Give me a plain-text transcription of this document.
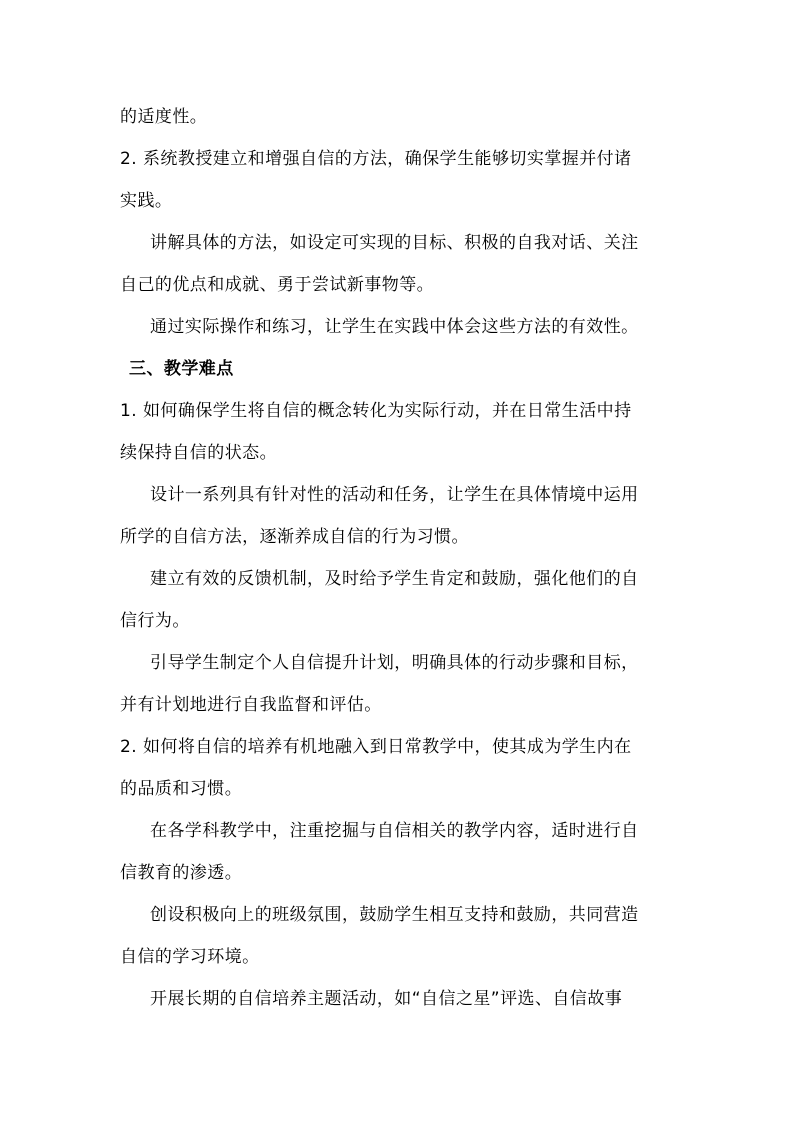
的适度性。
2. 系统教授建立和增强自信的方法，确保学生能够切实掌握并付诸
实践。
讲解具体的方法，如设定可实现的目标、积极的自我对话、关注
自己的优点和成就、勇于尝试新事物等。
通过实际操作和练习，让学生在实践中体会这些方法的有效性。
三、教学难点
1. 如何确保学生将自信的概念转化为实际行动，并在日常生活中持
续保持自信的状态。
设计一系列具有针对性的活动和任务，让学生在具体情境中运用
所学的自信方法，逐渐养成自信的行为习惯。
建立有效的反馈机制，及时给予学生肯定和鼓励，强化他们的自
信行为。
引导学生制定个人自信提升计划，明确具体的行动步骤和目标，
并有计划地进行自我监督和评估。
2. 如何将自信的培养有机地融入到日常教学中，使其成为学生内在
的品质和习惯。
在各学科教学中，注重挖掘与自信相关的教学内容，适时进行自
信教育的渗透。
创设积极向上的班级氛围，鼓励学生相互支持和鼓励，共同营造
自信的学习环境。
开展长期的自信培养主题活动，如“自信之星”评选、自信故事
